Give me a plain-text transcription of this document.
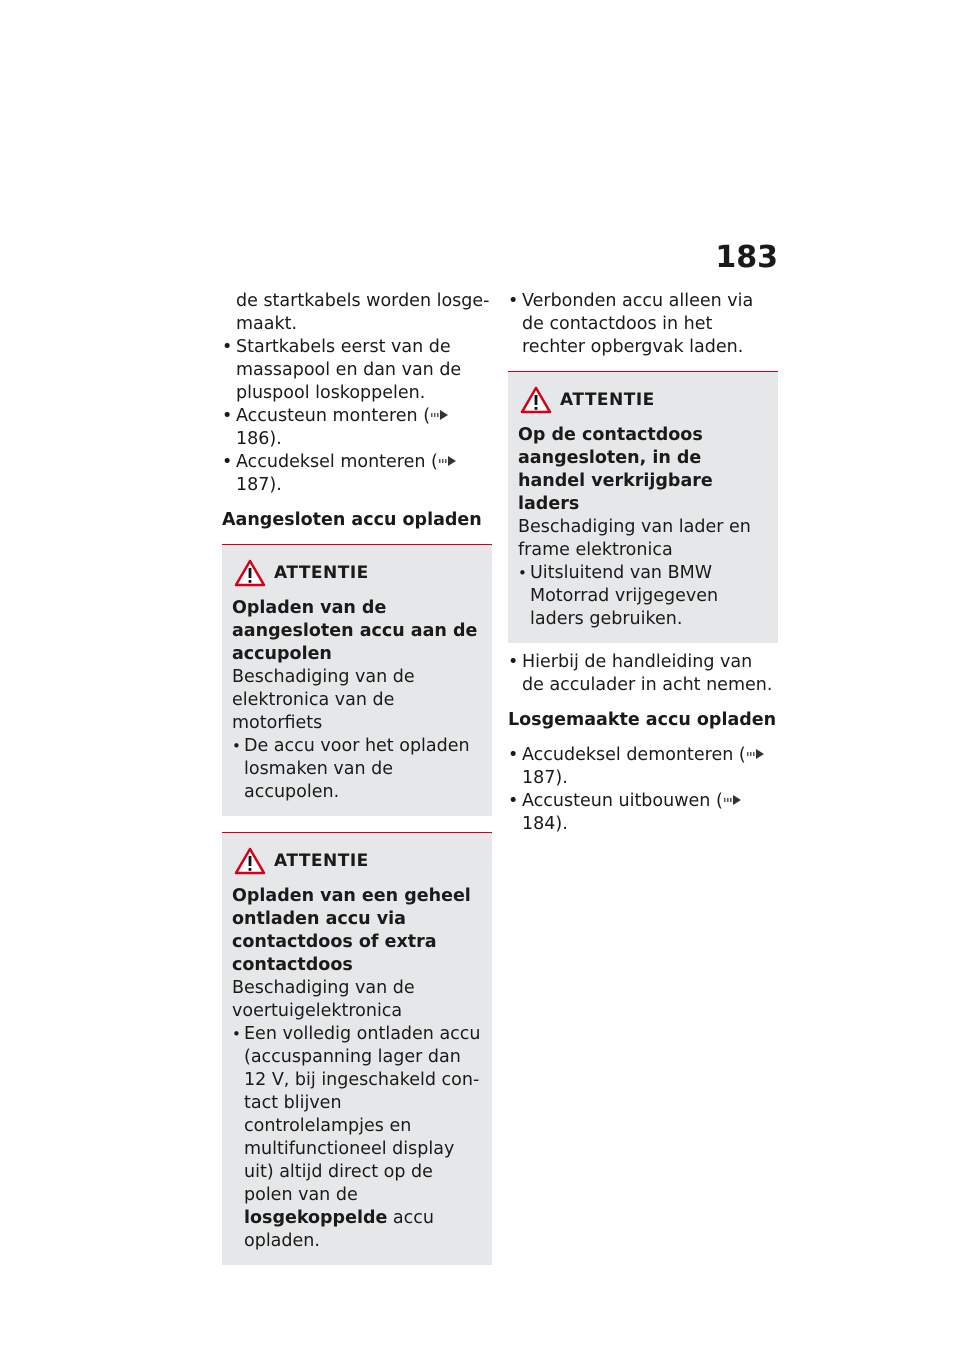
183

de startkabels worden losgemaakt.

• Startkabels eerst van de massapool en dan van de pluspool loskoppelen.

• Accusteun monteren (
186).

• Accudeksel monteren (
187).

Aangesloten accu opladen

ATTENTIE

Opladen van de aangesloten accu aan de accupolen

Beschadiging van de elektronica van de motorfiets

• De accu voor het opladen losmaken van de accupolen.

ATTENTIE

Opladen van een geheel ontladen accu via contactdoos of extra contactdoos

Beschadiging van de voertuigelektronica

• Een volledig ontladen accu (accuspanning lager dan 12 V, bij ingeschakeld contact blijven controlelampjes en multifunctioneel display uit) altijd direct op de polen van de losgekoppelde accu opladen.

• Verbonden accu alleen via de contactdoos in het rechter opbergvak laden.

ATTENTIE

Op de contactdoos aangesloten, in de handel verkrijgbare laders

Beschadiging van lader en frame elektronica

• Uitsluitend van BMW Motorrad vrijgegeven laders gebruiken.

• Hierbij de handleiding van de acculader in acht nemen.

Losgemaakte accu opladen

• Accudeksel demonteren (
187).

• Accusteun uitbouwen (
184).
